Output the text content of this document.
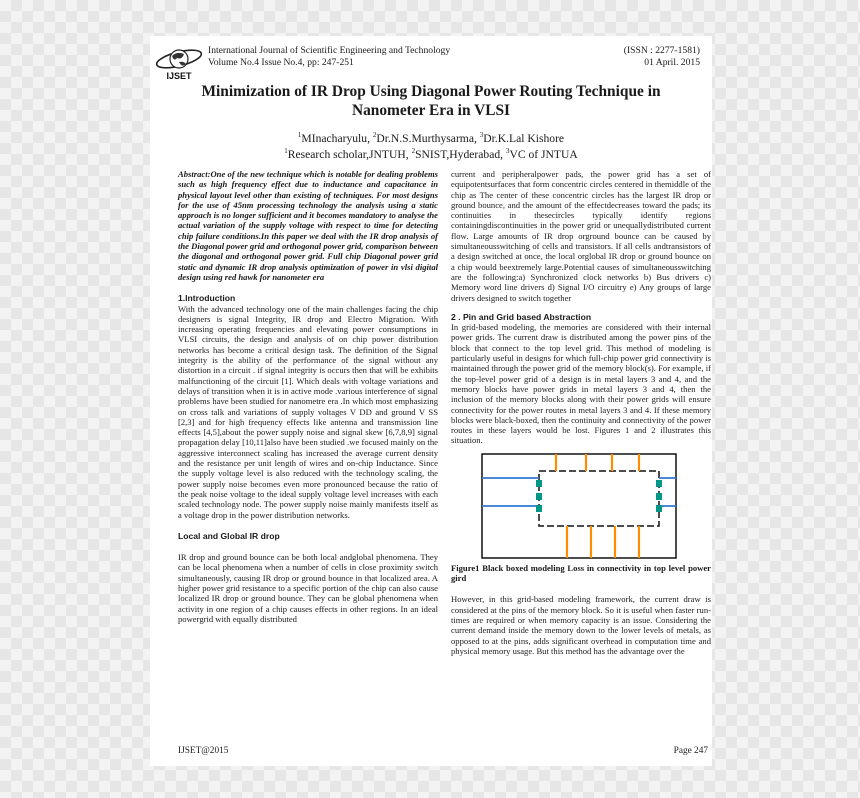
IJSET
International Journal of Scientific Engineering and Technology
Volume No.4 Issue No.4, pp: 247-251
(ISSN : 2277-1581)
01 April. 2015
Minimization of IR Drop Using Diagonal Power Routing Technique in
Nanometer Era in VLSI
$^1$MInacharyulu, $^2$Dr.N.S.Murthysarma, $^3$Dr.K.Lal Kishore
$^1$Research scholar,JNTUH, $^2$SNIST,Hyderabad, $^3$VC of JNTUA

Abstract:One of the new technique which is notable for dealing problems such as high frequency effect due to inductance and capacitance in physical layout level other than existing of techniques. For most designs for the use of 45nm processing technology the analysis using a static approach is no longer sufficient and it becomes mandatory to analyse the actual variation of the supply voltage with respect to time for detecting chip failure conditions.In this paper we deal with the IR drop analysis of the Diagonal power grid and orthogonal power grid, comparison between the diagonal and orthogonal power grid. Full chip Diagonal power grid static and dynamic IR drop analysis optimization of power in vlsi digital design using red hawk for nanometer era

1.Introduction

With the advanced technology one of the main challenges facing the chip designers is signal Integrity, IR drop and Electro Migration. With increasing operating frequencies and elevating power consumptions in VLSI circuits, the design and analysis of on chip power distribution networks has become a critical design task. The definition of the Signal integrity is the ability of the performance of the signal without any distortion in a circuit . if signal integrity is occurs then that will be exhibits malfunctioning of the circuit [1]. Which deals with voltage variations and delays of transition when it is in active mode .various interference of signal problems have been studied for nanometre era .In which most emphasizing on cross talk and variations of supply voltages V DD and ground V SS [2,3] and for high frequency effects like antenna and transmission line effects [4,5],about the power supply noise and signal skew [6,7,8,9] signal propagation delay [10,11]also have been studied .we focused mainly on the aggressive interconnect scaling has increased the average current density and the resistance per unit length of wires and on-chip Inductance. Since the supply voltage level is also reduced with the technology scaling, the power supply noise becomes even more pronounced because the ratio of the peak noise voltage to the ideal supply voltage level increases with each scaled technology node. The power supply noise mainly manifests itself as a voltage drop in the power distribution networks.

Local and Global IR drop

IR drop and ground bounce can be both local andglobal phenomena. They can be local phenomena when a number of cells in close proximity switch simultaneously, causing IR drop or ground bounce in that localized area. A higher power grid resistance to a specific portion of the chip can also cause localized IR drop or ground bounce. They can be global phenomena when activity in one region of a chip causes effects in other regions. In an ideal powergrid with equally distributed

current and peripheralpower pads, the power grid has a set of equipotentsurfaces that form concentric circles centered in themiddle of the chip as The center of these concentric circles has the largest IR drop or ground bounce, and the amount of the effectdecreases toward the pads; its continuities in thesecircles typically identify regions containingdiscontinuities in the power grid or unequallydistributed current flow. Large amounts of IR drop orground bounce can be caused by simultaneousswitching of cells and transistors. If all cells andtransistors of a design switched at once, the local orglobal IR drop or ground bounce on a chip would beextremely large.Potential causes of simultaneousswitching are the following:a) Synchronized clock networks b) Bus drivers c) Memory word line drivers d) Signal I/O circuitry e) Any groups of large drivers designed to switch together

2 . Pin and Grid based Abstraction

In grid-based modeling, the memories are considered with their internal power grids. The current draw is distributed among the power pins of the block that connect to the top level grid. This method of modeling is particularly useful in designs for which full-chip power grid connectivity is maintained through the power grid of the memory block(s). For example, if the top-level power grid of a design is in metal layers 3 and 4, and the memory blocks have power grids in metal layers 3 and 4, then the inclusion of the memory blocks along with their power grids will ensure connectivity for the power routes in metal layers 3 and 4. If these memory blocks were black-boxed, then the continuity and connectivity of the power routes in these layers would be lost. Figures 1 and 2 illustrates this situation.

Figure1 Black boxed modeling Loss in connectivity in top level power gird

However, in this grid-based modeling framework, the current draw is considered at the pins of the memory block. So it is useful when faster run-times are required or when memory capacity is an issue. Considering the current demand inside the memory down to the lower levels of metals, as opposed to at the pins, adds significant overhead in computation time and physical memory usage. But this method has the advantage over the

IJSET@2015	Page 247
